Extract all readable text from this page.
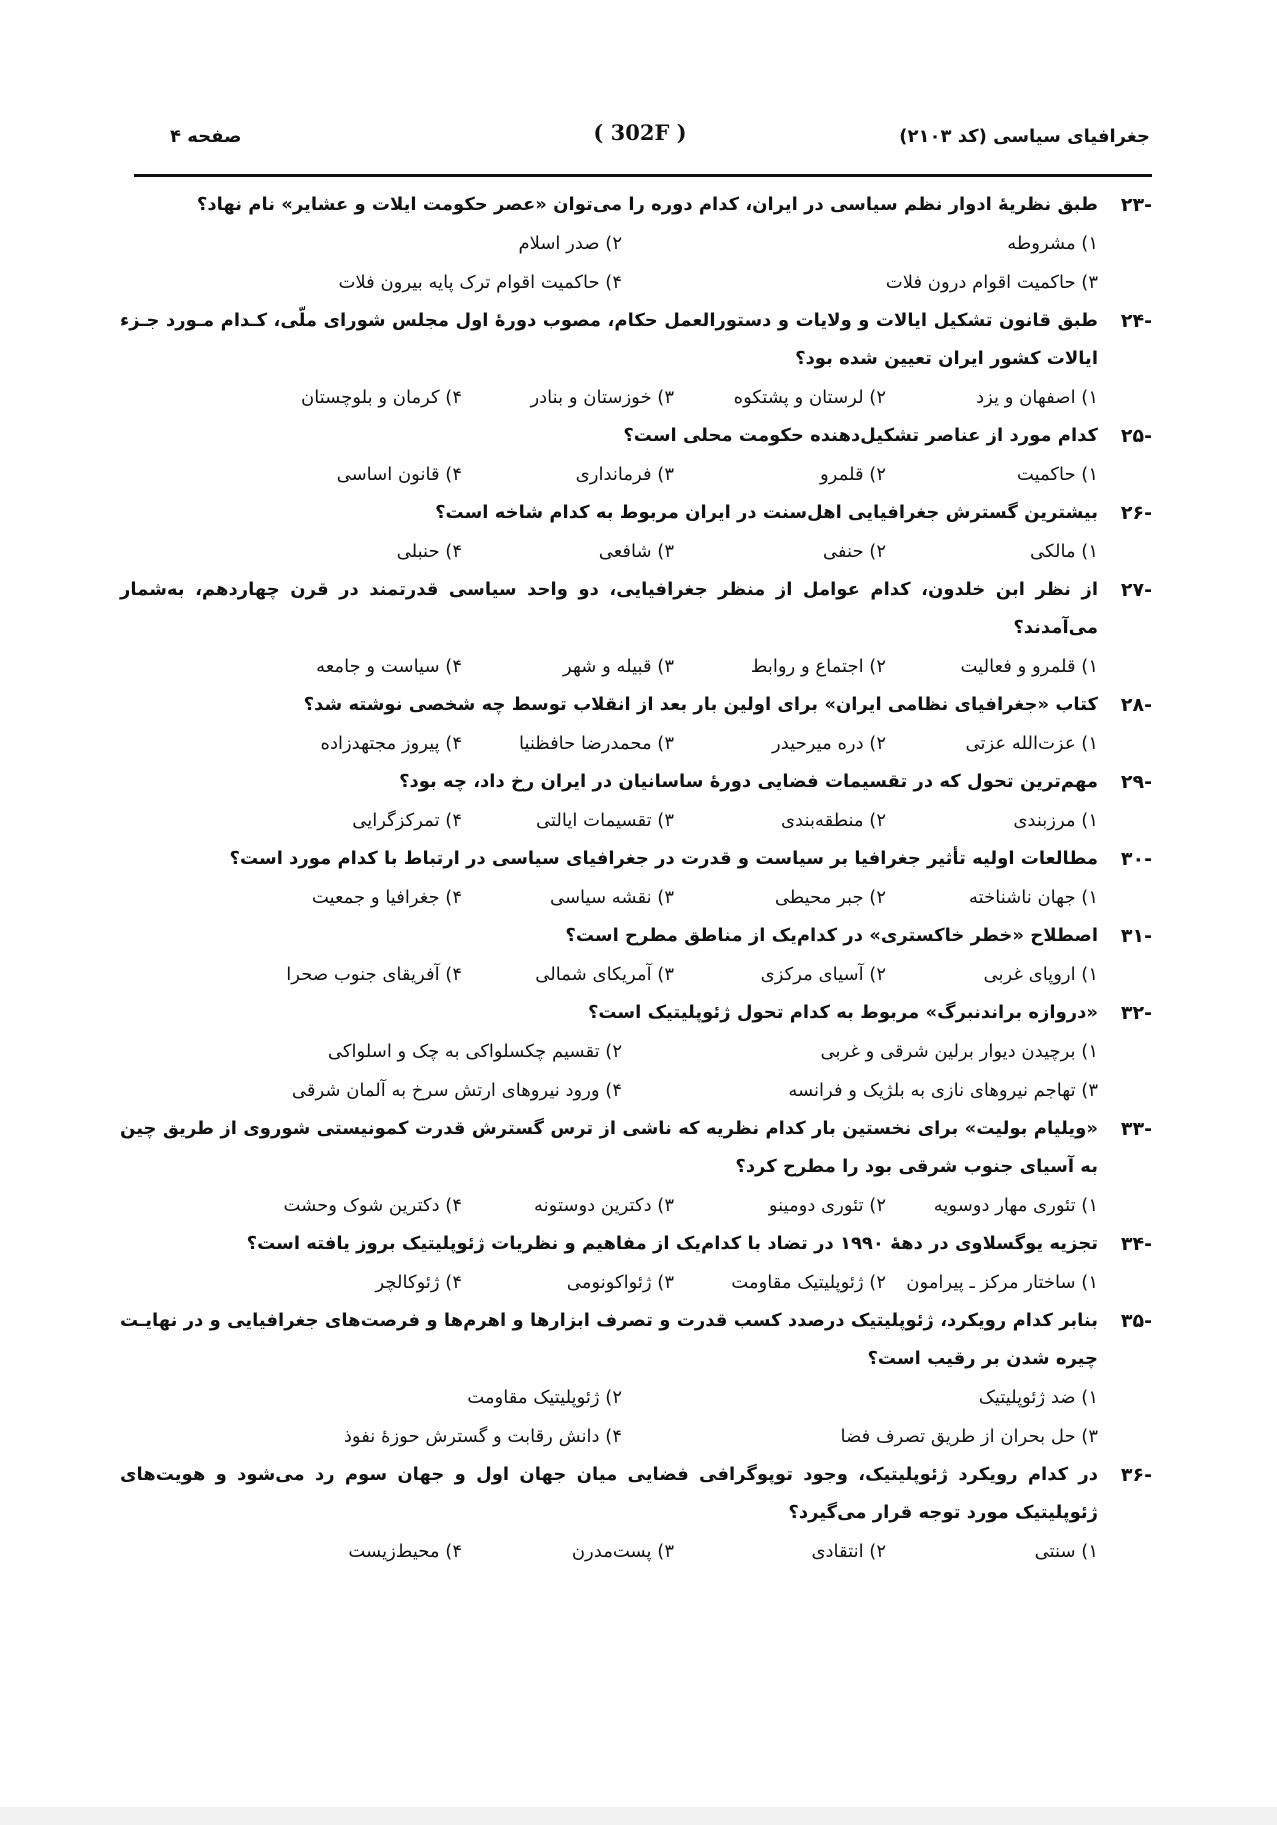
جغرافیای سیاسی (کد ۲۱۰۳)
( 302F )
صفحه ۴
-۲۳
طبق نظریهٔ ادوار نظم سیاسی در ایران، کدام دوره را می‌توان «عصر حکومت ایلات و عشایر» نام نهاد؟
۱) مشروطه
۲) صدر اسلام
۳) حاکمیت اقوام درون فلات
۴) حاکمیت اقوام ترک پایه بیرون فلات
-۲۴
طبق قانون تشکیل ایالات و ولایات و دستورالعمل حکام، مصوب دورهٔ اول مجلس شورای ملّی، کـدام مـورد جـزء ایالات کشور ایران تعیین شده بود؟
۱) اصفهان و یزد
۲) لرستان و پشتکوه
۳) خوزستان و بنادر
۴) کرمان و بلوچستان
-۲۵
کدام مورد از عناصر تشکیل‌دهنده حکومت محلی است؟
۱) حاکمیت
۲) قلمرو
۳) فرمانداری
۴) قانون اساسی
-۲۶
بیشترین گسترش جغرافیایی اهل‌سنت در ایران مربوط به کدام شاخه است؟
۱) مالکی
۲) حنفی
۳) شافعی
۴) حنبلی
-۲۷
از نظر ابن خلدون، کدام عوامل از منظر جغرافیایی، دو واحد سیاسی قدرتمند در قرن چهاردهم، به‌شمار می‌آمدند؟
۱) قلمرو و فعالیت
۲) اجتماع و روابط
۳) قبیله و شهر
۴) سیاست و جامعه
-۲۸
کتاب «جغرافیای نظامی ایران» برای اولین بار بعد از انقلاب توسط چه شخصی نوشته شد؟
۱) عزت‌الله عزتی
۲) دره میرحیدر
۳) محمدرضا حافظنیا
۴) پیروز مجتهدزاده
-۲۹
مهم‌ترین تحول که در تقسیمات فضایی دورهٔ ساسانیان در ایران رخ داد، چه بود؟
۱) مرزبندی
۲) منطقه‌بندی
۳) تقسیمات ایالتی
۴) تمرکزگرایی
-۳۰
مطالعات اولیه تأثیر جغرافیا بر سیاست و قدرت در جغرافیای سیاسی در ارتباط با کدام مورد است؟
۱) جهان ناشناخته
۲) جبر محیطی
۳) نقشه سیاسی
۴) جغرافیا و جمعیت
-۳۱
اصطلاح «خطر خاکستری» در کدام‌یک از مناطق مطرح است؟
۱) اروپای غربی
۲) آسیای مرکزی
۳) آمریکای شمالی
۴) آفریقای جنوب صحرا
-۳۲
«دروازه براندنبرگ» مربوط به کدام تحول ژئوپلیتیک است؟
۱) برچیدن دیوار برلین شرقی و غربی
۲) تقسیم چکسلواکی به چک و اسلواکی
۳) تهاجم نیروهای نازی به بلژیک و فرانسه
۴) ورود نیروهای ارتش سرخ به آلمان شرقی
-۳۳
«ویلیام بولیت» برای نخستین بار کدام نظریه که ناشی از ترس گسترش قدرت کمونیستی شوروی از طریق چین به آسیای جنوب شرقی بود را مطرح کرد؟
۱) تئوری مهار دوسویه
۲) تئوری دومینو
۳) دکترین دوستونه
۴) دکترین شوک وحشت
-۳۴
تجزیه یوگسلاوی در دههٔ ۱۹۹۰ در تضاد با کدام‌یک از مفاهیم و نظریات ژئوپلیتیک بروز یافته است؟
۱) ساختار مرکز ـ پیرامون
۲) ژئوپلیتیک مقاومت
۳) ژئواکونومی
۴) ژئوکالچر
-۳۵
بنابر کدام رویکرد، ژئوپلیتیک درصدد کسب قدرت و تصرف ابزارها و اهرم‌ها و فرصت‌های جغرافیایی و در نهایـت چیره شدن بر رقیب است؟
۱) ضد ژئوپلیتیک
۲) ژئوپلیتیک مقاومت
۳) حل بحران از طریق تصرف فضا
۴) دانش رقابت و گسترش حوزهٔ نفوذ
-۳۶
در کدام رویکرد ژئوپلیتیک، وجود توپوگرافی فضایی میان جهان اول و جهان سوم رد می‌شود و هویت‌های ژئوپلیتیک مورد توجه قرار می‌گیرد؟
۱) سنتی
۲) انتقادی
۳) پست‌مدرن
۴) محیط‌زیست
